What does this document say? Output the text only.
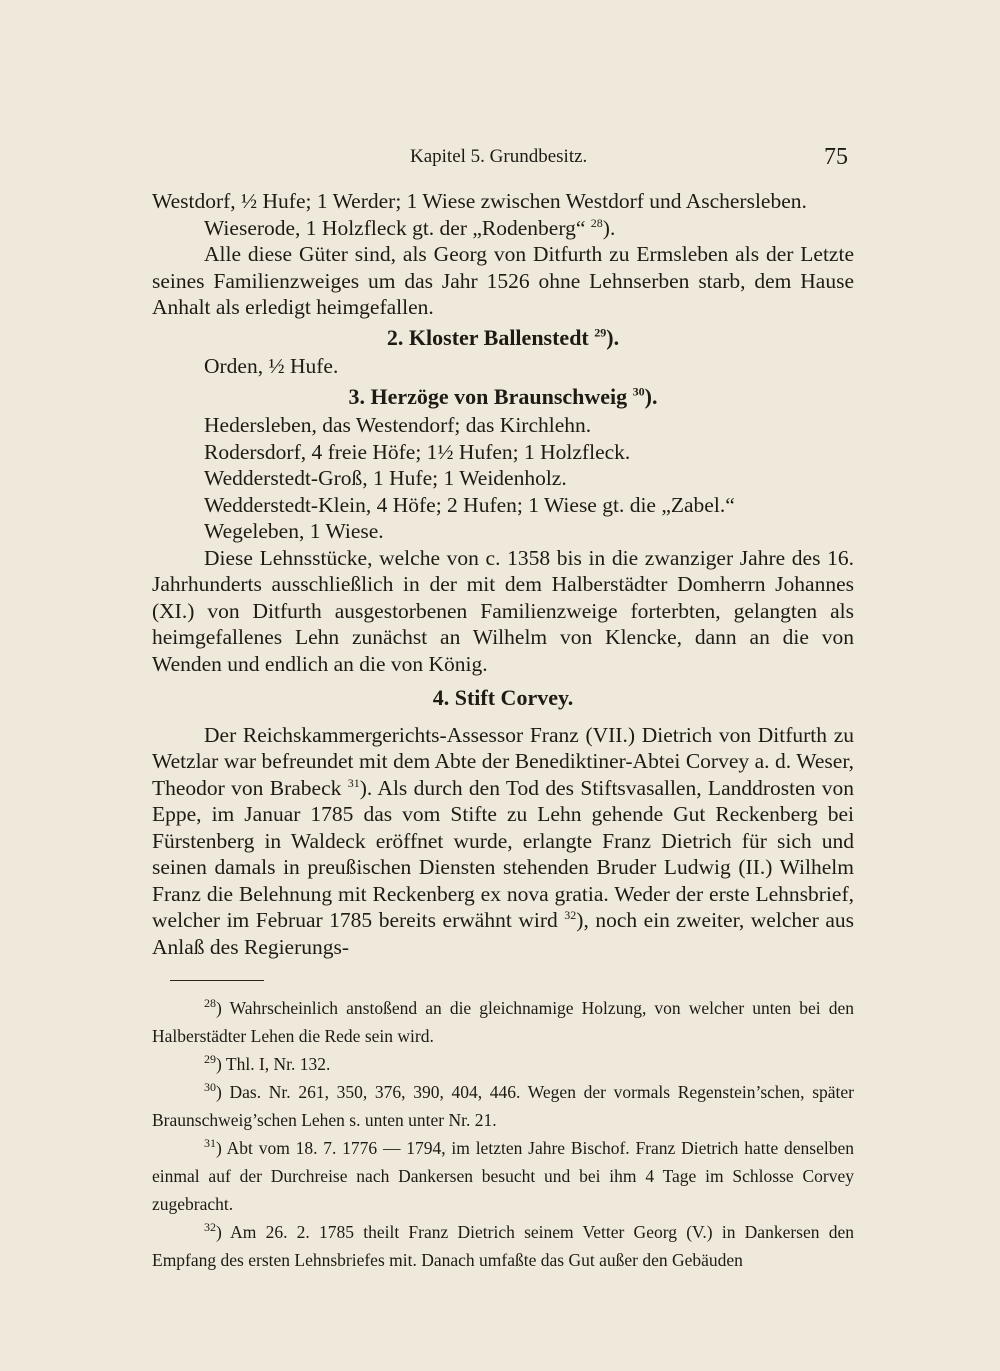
Kapitel 5. Grundbesitz.	75

Westdorf, ½ Hufe; 1 Werder; 1 Wiese zwischen Westdorf und Aschersleben.

Wieserode, 1 Holzfleck gt. der „Rodenberg“ $^{28}$).

Alle diese Güter sind, als Georg von Ditfurth zu Ermsleben als der Letzte seines Familienzweiges um das Jahr 1526 ohne Lehnserben starb, dem Hause Anhalt als erledigt heimgefallen.

2. Kloster Ballenstedt $^{29}$).

Orden, ½ Hufe.

3. Herzöge von Braunschweig $^{30}$).

Hedersleben, das Westendorf; das Kirchlehn.

Rodersdorf, 4 freie Höfe; 1½ Hufen; 1 Holzfleck.

Wedderstedt-Groß, 1 Hufe; 1 Weidenholz.

Wedderstedt-Klein, 4 Höfe; 2 Hufen; 1 Wiese gt. die „Zabel.“

Wegeleben, 1 Wiese.

Diese Lehnsstücke, welche von c. 1358 bis in die zwanziger Jahre des 16. Jahrhunderts ausschließlich in der mit dem Halberstädter Domherrn Johannes (XI.) von Ditfurth ausgestorbenen Familienzweige forterbten, gelangten als heimgefallenes Lehn zunächst an Wilhelm von Klencke, dann an die von Wenden und endlich an die von König.

4. Stift Corvey.

Der Reichskammergerichts-Assessor Franz (VII.) Dietrich von Ditfurth zu Wetzlar war befreundet mit dem Abte der Benediktiner-Abtei Corvey a. d. Weser, Theodor von Brabeck $^{31}$). Als durch den Tod des Stiftsvasallen, Landdrosten von Eppe, im Januar 1785 das vom Stifte zu Lehn gehende Gut Reckenberg bei Fürstenberg in Waldeck eröffnet wurde, erlangte Franz Dietrich für sich und seinen damals in preußischen Diensten stehenden Bruder Ludwig (II.) Wilhelm Franz die Belehnung mit Reckenberg ex nova gratia. Weder der erste Lehnsbrief, welcher im Februar 1785 bereits erwähnt wird $^{32}$), noch ein zweiter, welcher aus Anlaß des Regierungs-

$^{28}$) Wahrscheinlich anstoßend an die gleichnamige Holzung, von welcher unten bei den Halberstädter Lehen die Rede sein wird.

$^{29}$) Thl. I, Nr. 132.

$^{30}$) Das. Nr. 261, 350, 376, 390, 404, 446. Wegen der vormals Regenstein’schen, später Braunschweig’schen Lehen s. unten unter Nr. 21.

$^{31}$) Abt vom 18. 7. 1776 — 1794, im letzten Jahre Bischof. Franz Dietrich hatte denselben einmal auf der Durchreise nach Dankersen besucht und bei ihm 4 Tage im Schlosse Corvey zugebracht.

$^{32}$) Am 26. 2. 1785 theilt Franz Dietrich seinem Vetter Georg (V.) in Dankersen den Empfang des ersten Lehnsbriefes mit. Danach umfaßte das Gut außer den Gebäuden
